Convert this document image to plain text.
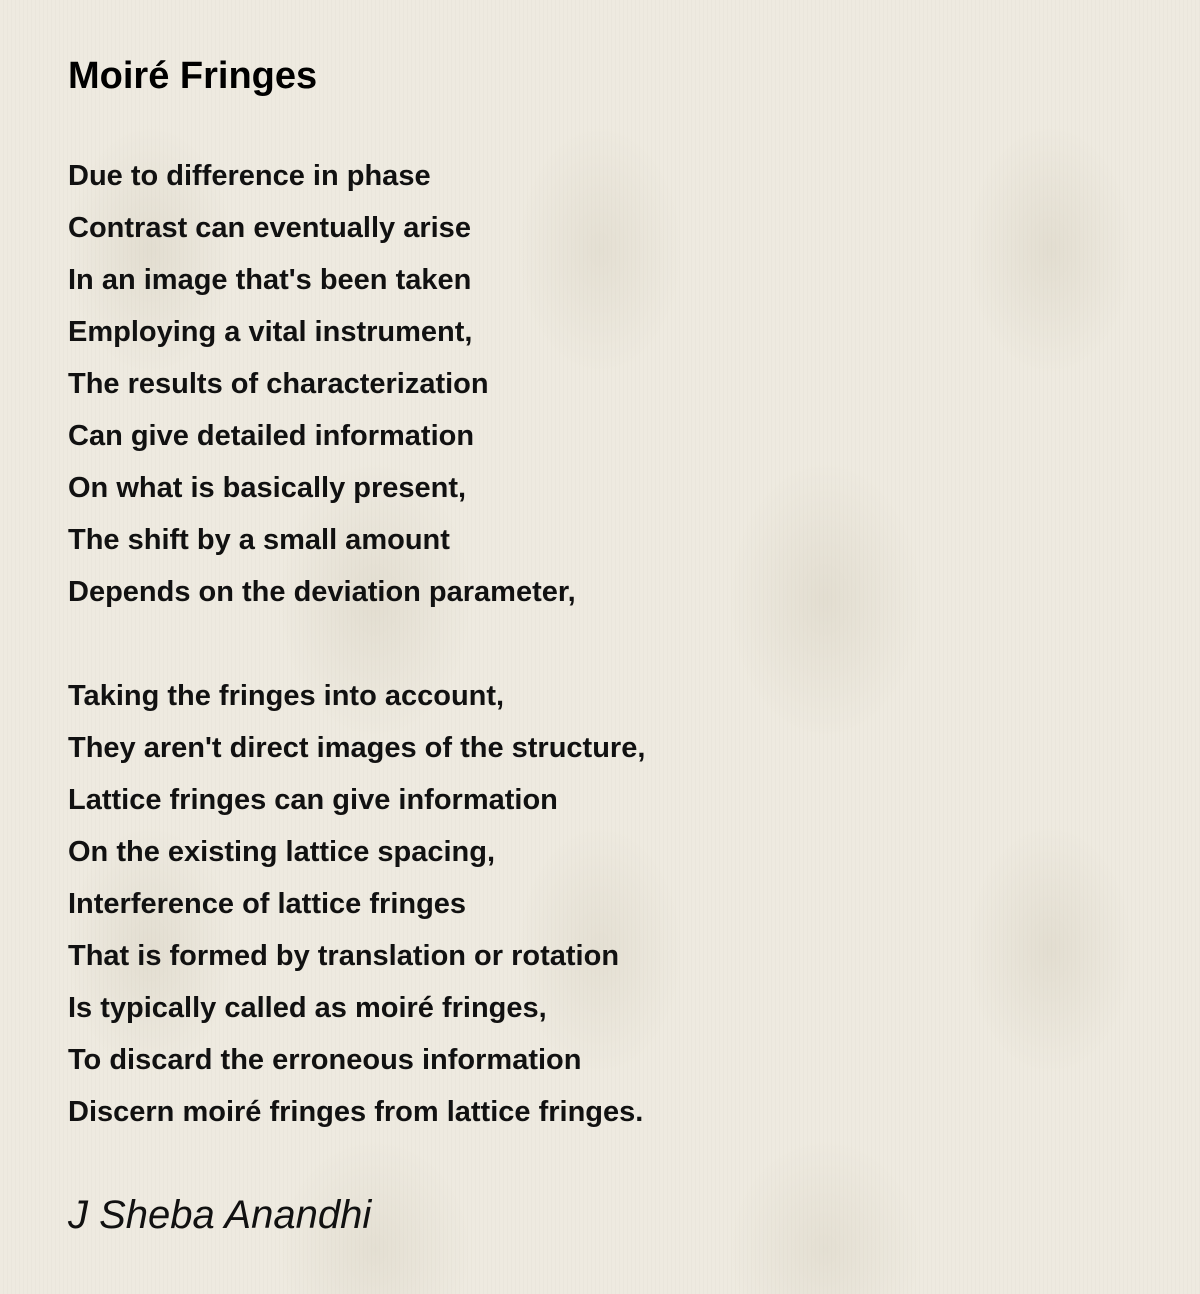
Moiré Fringes
Due to difference in phase
Contrast can eventually arise
In an image that's been taken
Employing a vital instrument,
The results of characterization
Can give detailed information
On what is basically present,
The shift by a small amount
Depends on the deviation parameter,
Taking the fringes into account,
They aren't direct images of the structure,
Lattice fringes can give information
On the existing lattice spacing,
Interference of lattice fringes
That is formed by translation or rotation
Is typically called as moiré fringes,
To discard the erroneous information
Discern moiré fringes from lattice fringes.
J Sheba Anandhi
